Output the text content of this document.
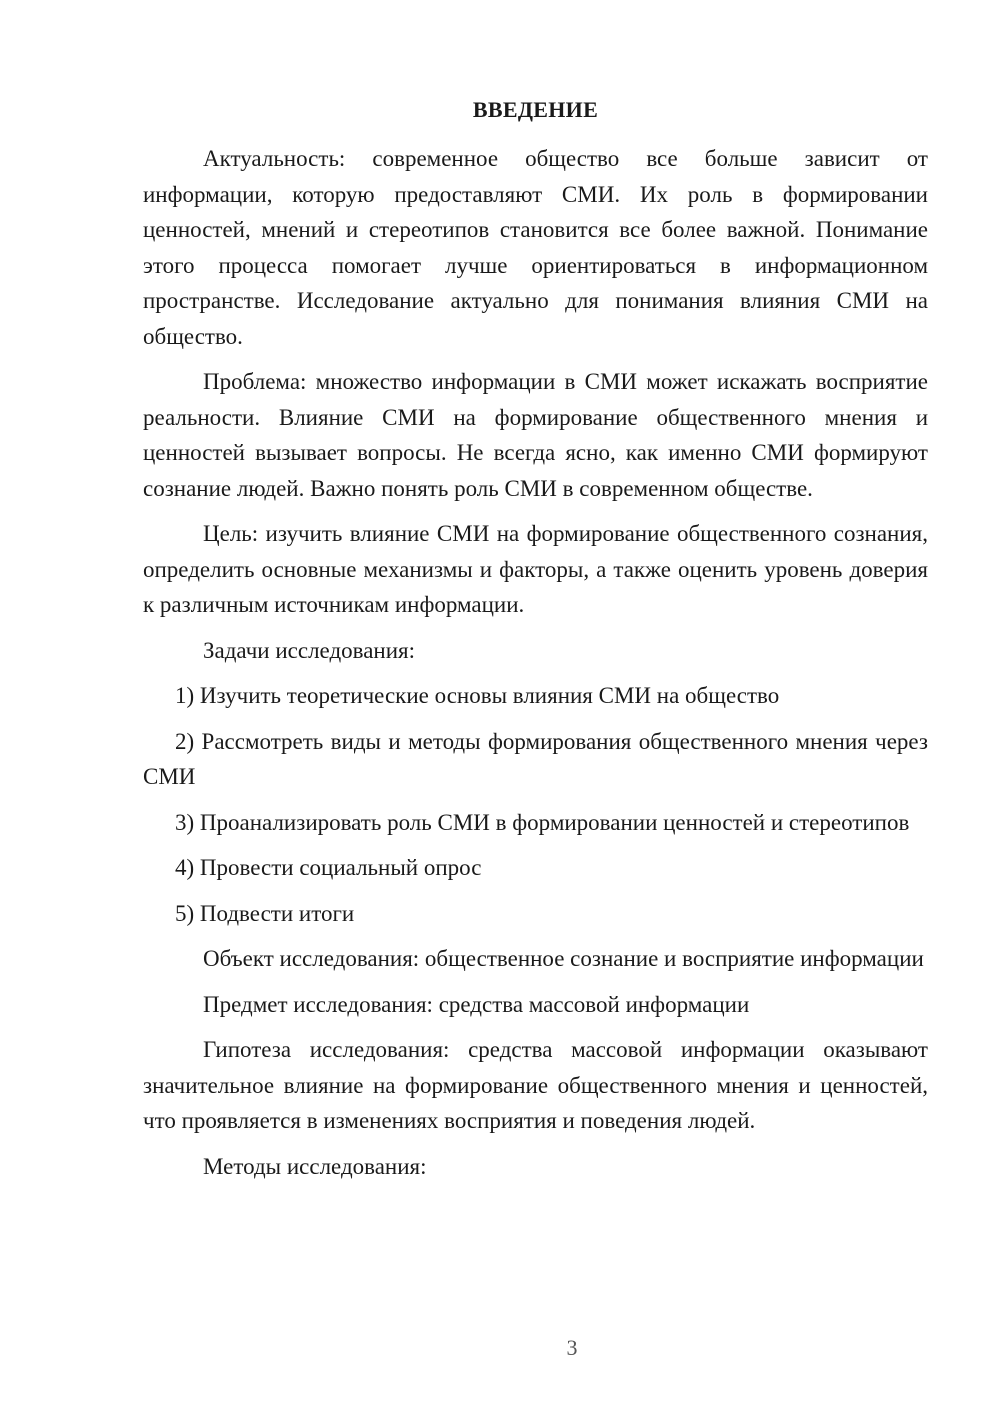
ВВЕДЕНИЕ

Актуальность: современное общество все больше зависит от информации, которую предоставляют СМИ. Их роль в формировании ценностей, мнений и стереотипов становится все более важной. Понимание этого процесса помогает лучше ориентироваться в информационном пространстве. Исследование актуально для понимания влияния СМИ на общество.

Проблема: множество информации в СМИ может искажать восприятие реальности. Влияние СМИ на формирование общественного мнения и ценностей вызывает вопросы. Не всегда ясно, как именно СМИ формируют сознание людей. Важно понять роль СМИ в современном обществе.

Цель: изучить влияние СМИ на формирование общественного сознания, определить основные механизмы и факторы, а также оценить уровень доверия к различным источникам информации.

Задачи исследования:

1) Изучить теоретические основы влияния СМИ на общество

2) Рассмотреть виды и методы формирования общественного мнения через СМИ

3) Проанализировать роль СМИ в формировании ценностей и стереотипов

4) Провести социальный опрос

5) Подвести итоги

Объект исследования: общественное сознание и восприятие информации

Предмет исследования: средства массовой информации

Гипотеза исследования: средства массовой информации оказывают значительное влияние на формирование общественного мнения и ценностей, что проявляется в изменениях восприятия и поведения людей.

Методы исследования:

3
